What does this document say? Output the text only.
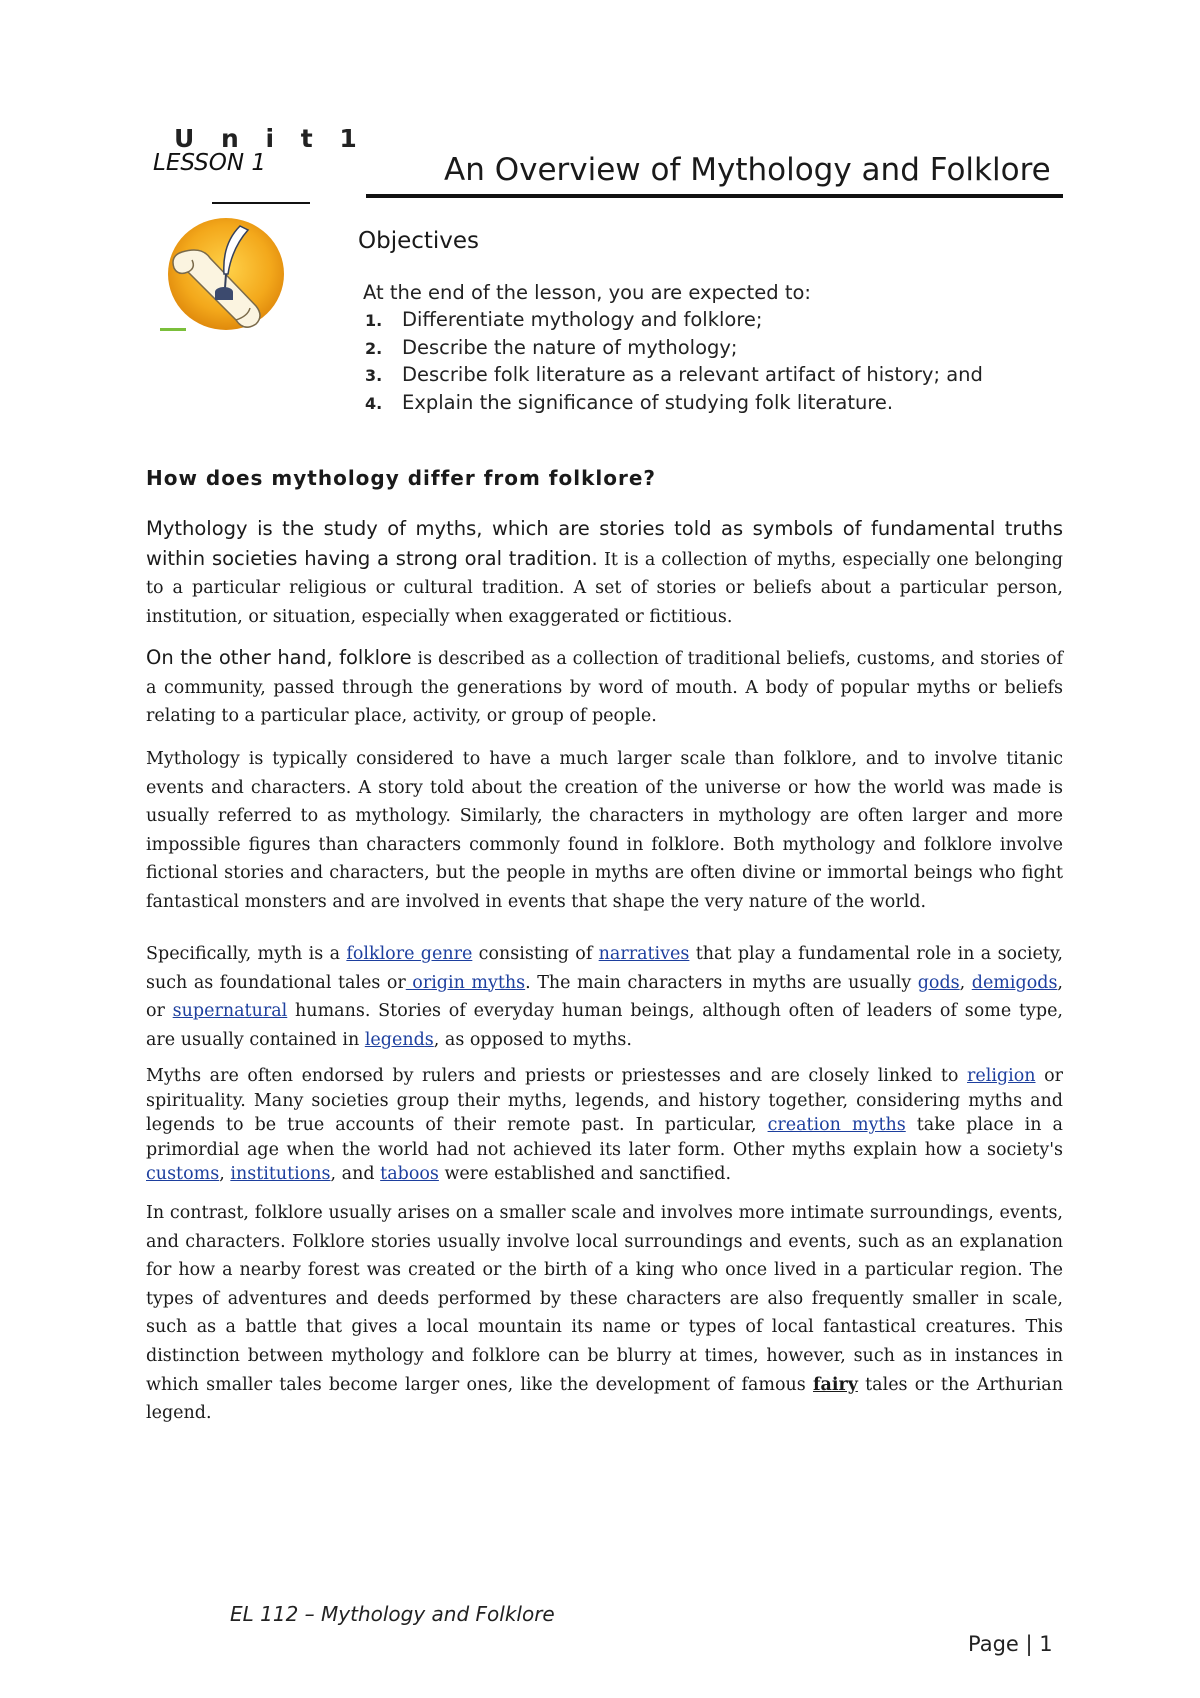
U n i t 1
LESSON 1	An Overview of Mythology and Folklore
Objectives
At the end of the lesson, you are expected to:
1. Differentiate mythology and folklore;
2. Describe the nature of mythology;
3. Describe folk literature as a relevant artifact of history; and
4. Explain the significance of studying folk literature.
How does mythology differ from folklore?
Mythology is the study of myths, which are stories told as symbols of fundamental truths within societies having a strong oral tradition. It is a collection of myths, especially one belonging to a particular religious or cultural tradition. A set of stories or beliefs about a particular person, institution, or situation, especially when exaggerated or fictitious.
On the other hand, folklore is described as a collection of traditional beliefs, customs, and stories of a community, passed through the generations by word of mouth. A body of popular myths or beliefs relating to a particular place, activity, or group of people.
Mythology is typically considered to have a much larger scale than folklore, and to involve titanic events and characters. A story told about the creation of the universe or how the world was made is usually referred to as mythology. Similarly, the characters in mythology are often larger and more impossible figures than characters commonly found in folklore. Both mythology and folklore involve fictional stories and characters, but the people in myths are often divine or immortal beings who fight fantastical monsters and are involved in events that shape the very nature of the world.
Specifically, myth is a folklore genre consisting of narratives that play a fundamental role in a society, such as foundational tales or origin myths. The main characters in myths are usually gods, demigods, or supernatural humans. Stories of everyday human beings, although often of leaders of some type, are usually contained in legends, as opposed to myths.
Myths are often endorsed by rulers and priests or priestesses and are closely linked to religion or spirituality. Many societies group their myths, legends, and history together, considering myths and legends to be true accounts of their remote past. In particular, creation myths take place in a primordial age when the world had not achieved its later form. Other myths explain how a society's customs, institutions, and taboos were established and sanctified.
In contrast, folklore usually arises on a smaller scale and involves more intimate surroundings, events, and characters. Folklore stories usually involve local surroundings and events, such as an explanation for how a nearby forest was created or the birth of a king who once lived in a particular region. The types of adventures and deeds performed by these characters are also frequently smaller in scale, such as a battle that gives a local mountain its name or types of local fantastical creatures. This distinction between mythology and folklore can be blurry at times, however, such as in instances in which smaller tales become larger ones, like the development of famous fairy tales or the Arthurian legend.
EL 112 – Mythology and Folklore
Page | 1
